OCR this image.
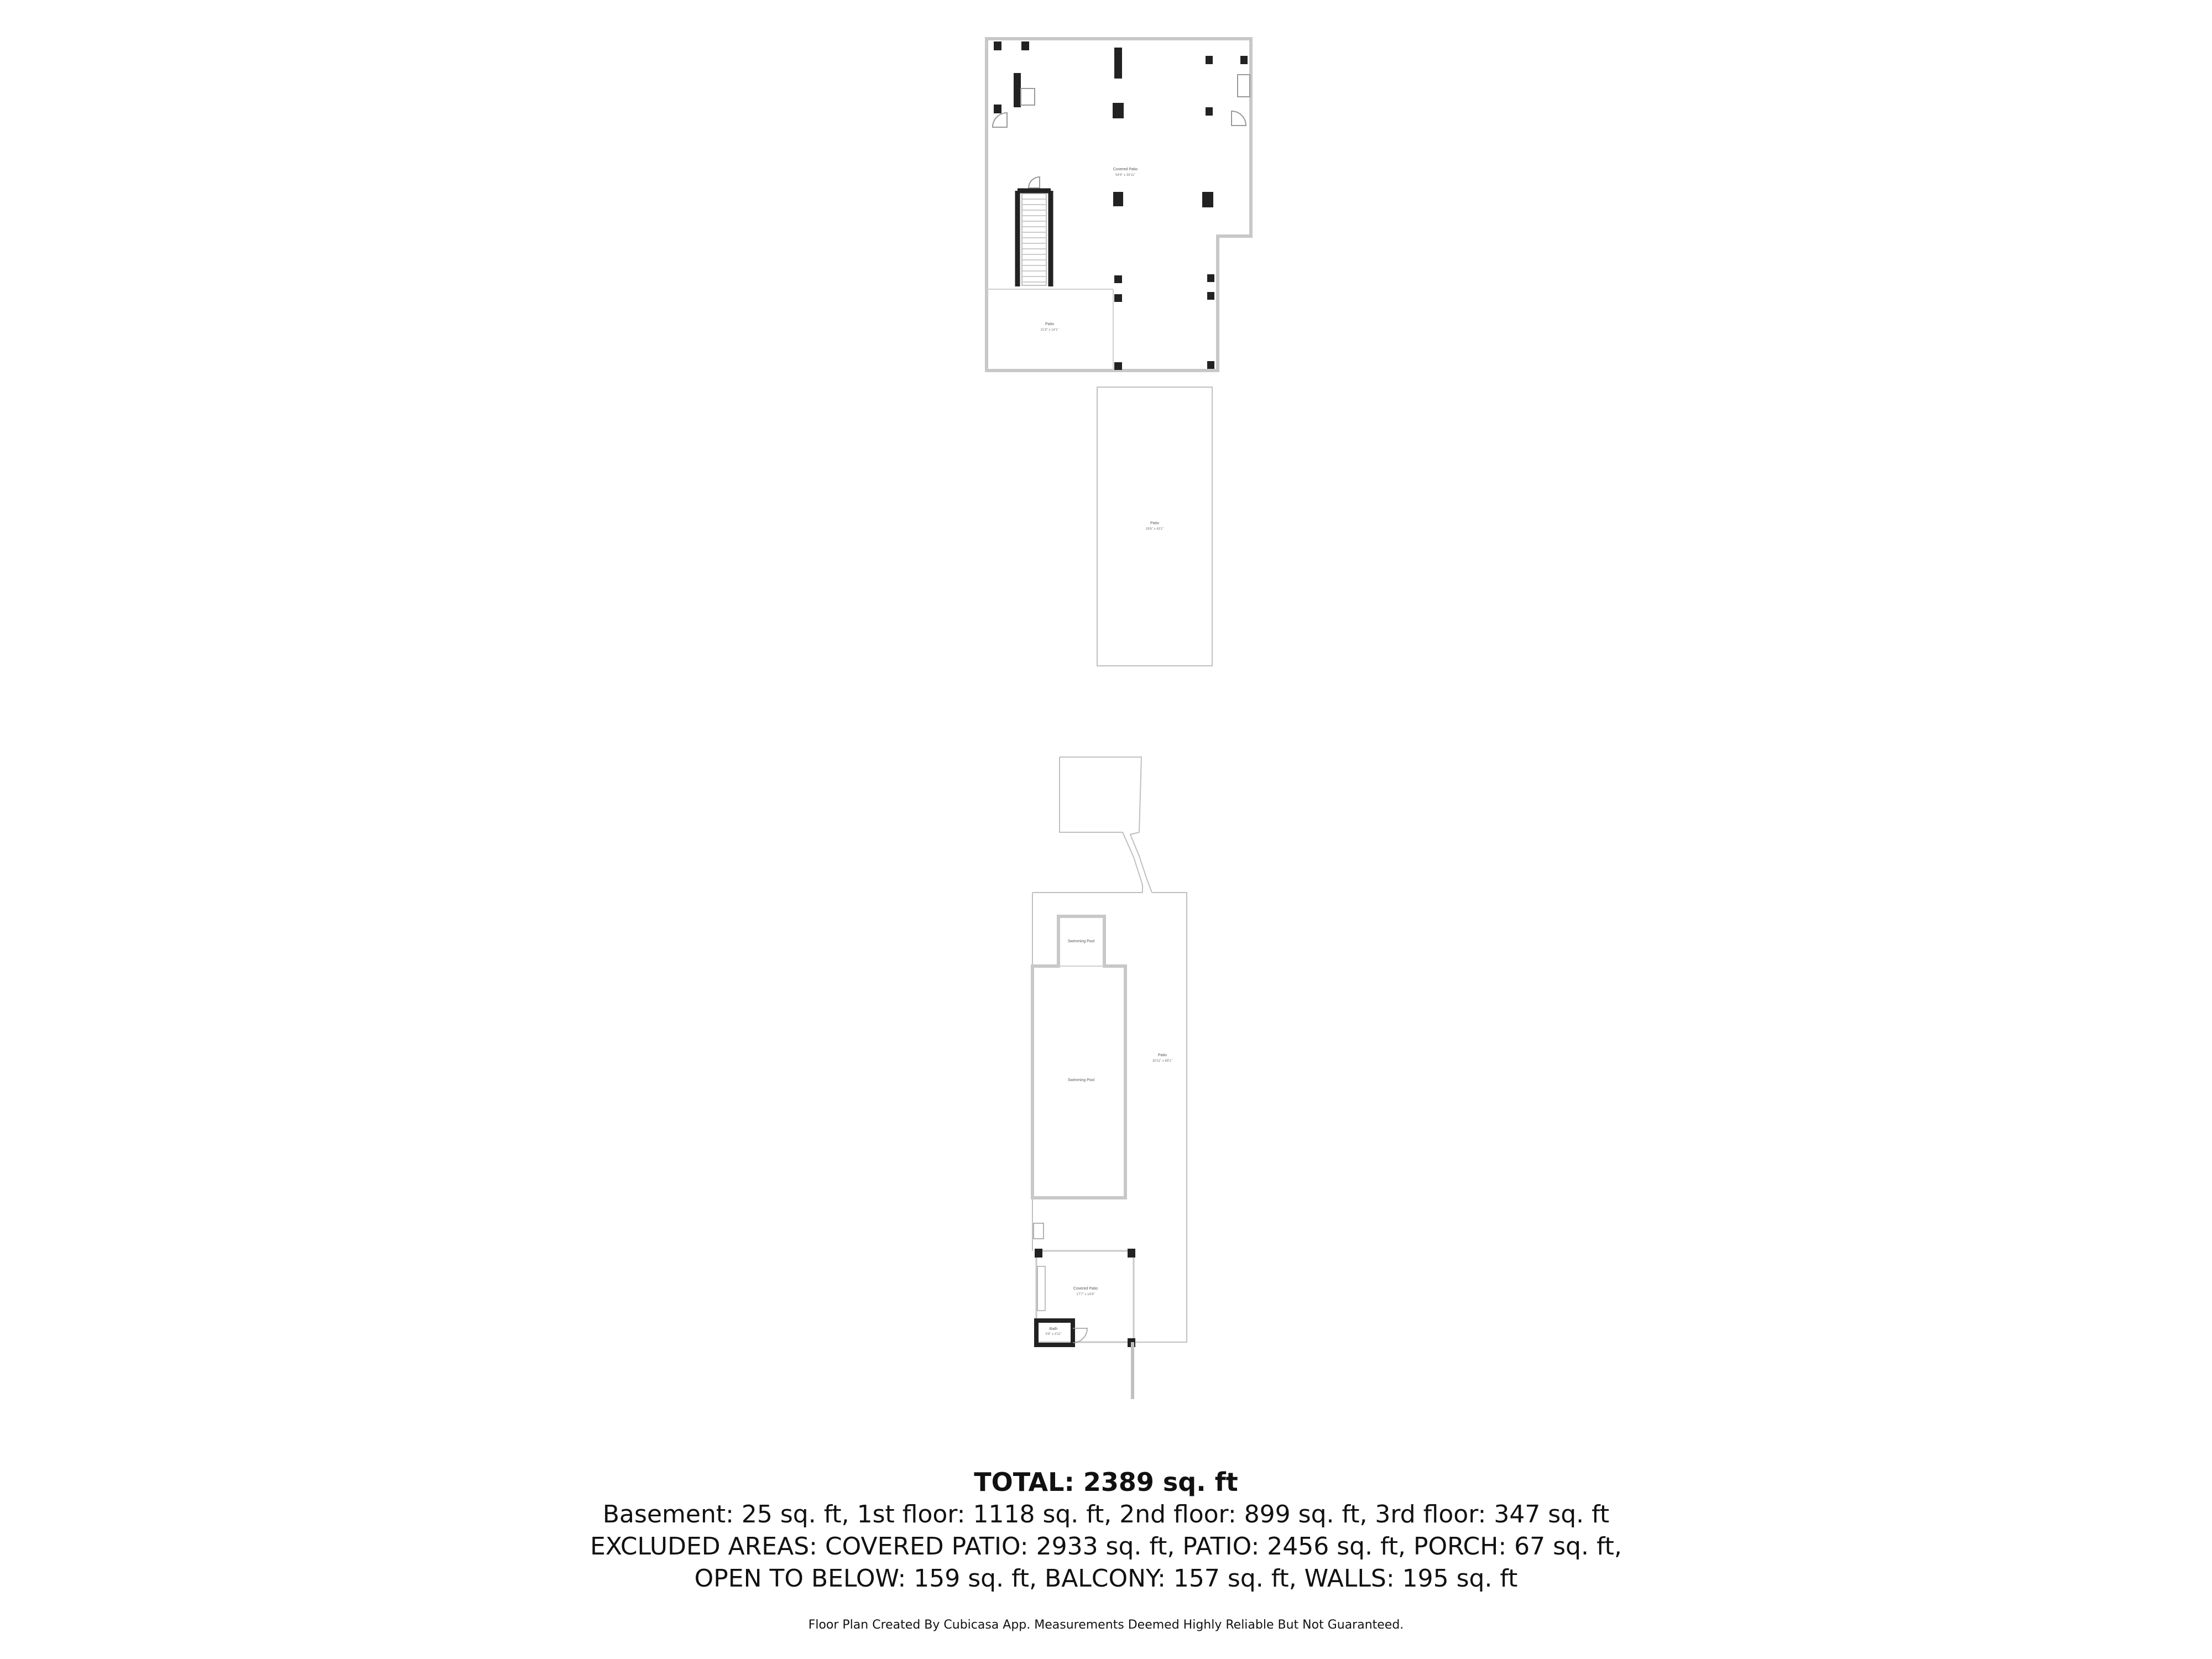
Covered Patio
54'6" x 34'11"
Patio
21'8" x 14'1"
Patio
19'6" x 43'1"
Swimming Pool
Swimming Pool
Patio
30'11" x 69'1"
Covered Patio
17'7" x 14'9"
Bath
5'8" x 4'11"
TOTAL: 2389 sq. ft
Basement: 25 sq. ft, 1st floor: 1118 sq. ft, 2nd floor: 899 sq. ft, 3rd floor: 347 sq. ft
EXCLUDED AREAS: COVERED PATIO: 2933 sq. ft, PATIO: 2456 sq. ft, PORCH: 67 sq. ft,
OPEN TO BELOW: 159 sq. ft, BALCONY: 157 sq. ft, WALLS: 195 sq. ft
Floor Plan Created By Cubicasa App. Measurements Deemed Highly Reliable But Not Guaranteed.
